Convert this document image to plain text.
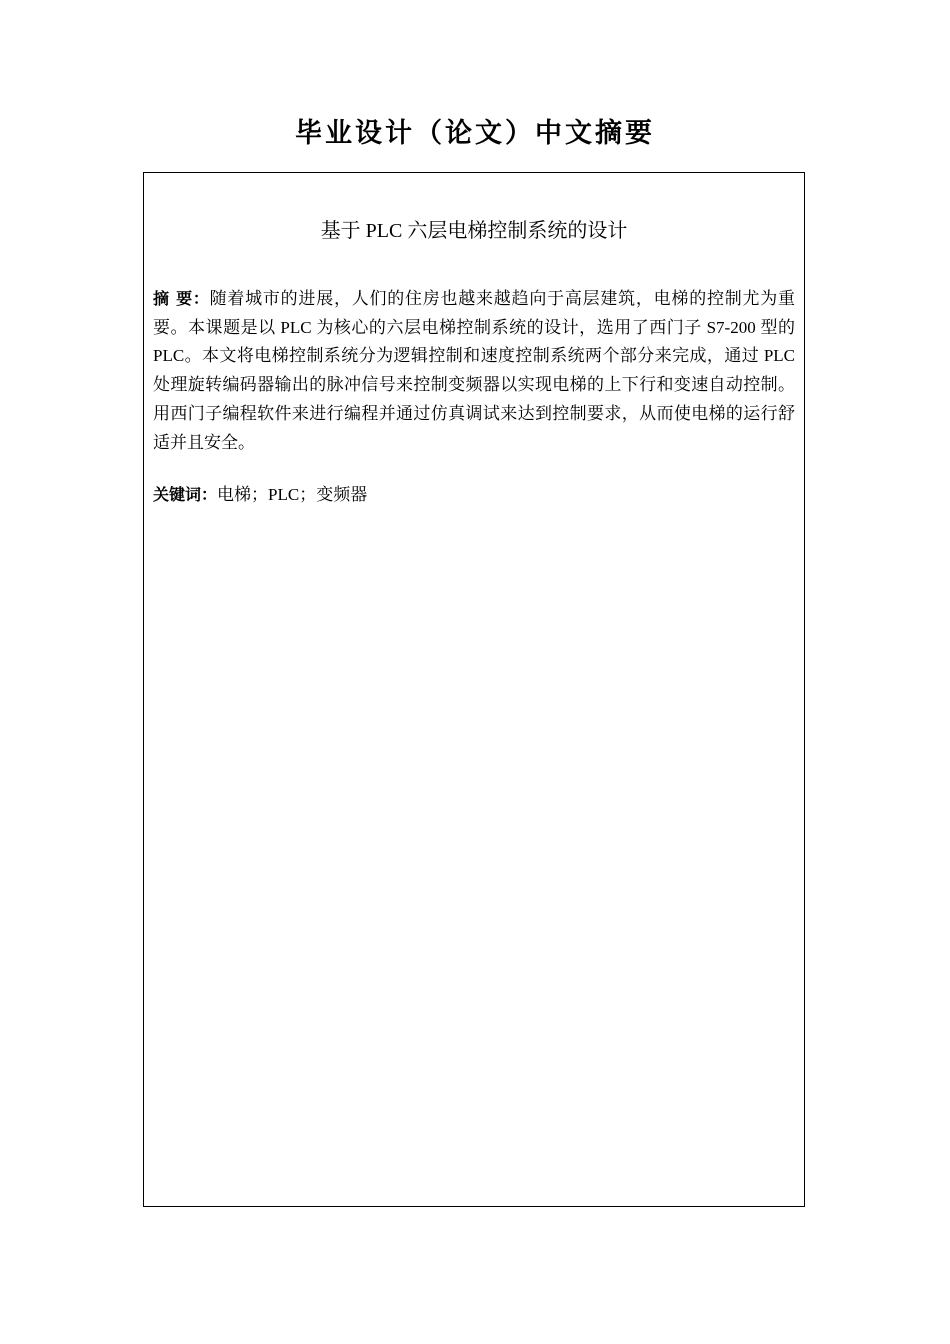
毕业设计（论文）中文摘要
基于 PLC 六层电梯控制系统的设计

摘 要：随着城市的进展，人们的住房也越来越趋向于高层建筑，电梯的控制尤为重要。本课题是以 PLC 为核心的六层电梯控制系统的设计，选用了西门子 S7-200 型的 PLC。本文将电梯控制系统分为逻辑控制和速度控制系统两个部分来完成，通过 PLC 处理旋转编码器输出的脉冲信号来控制变频器以实现电梯的上下行和变速自动控制。用西门子编程软件来进行编程并通过仿真调试来达到控制要求，从而使电梯的运行舒适并且安全。

关键词：电梯；PLC；变频器
